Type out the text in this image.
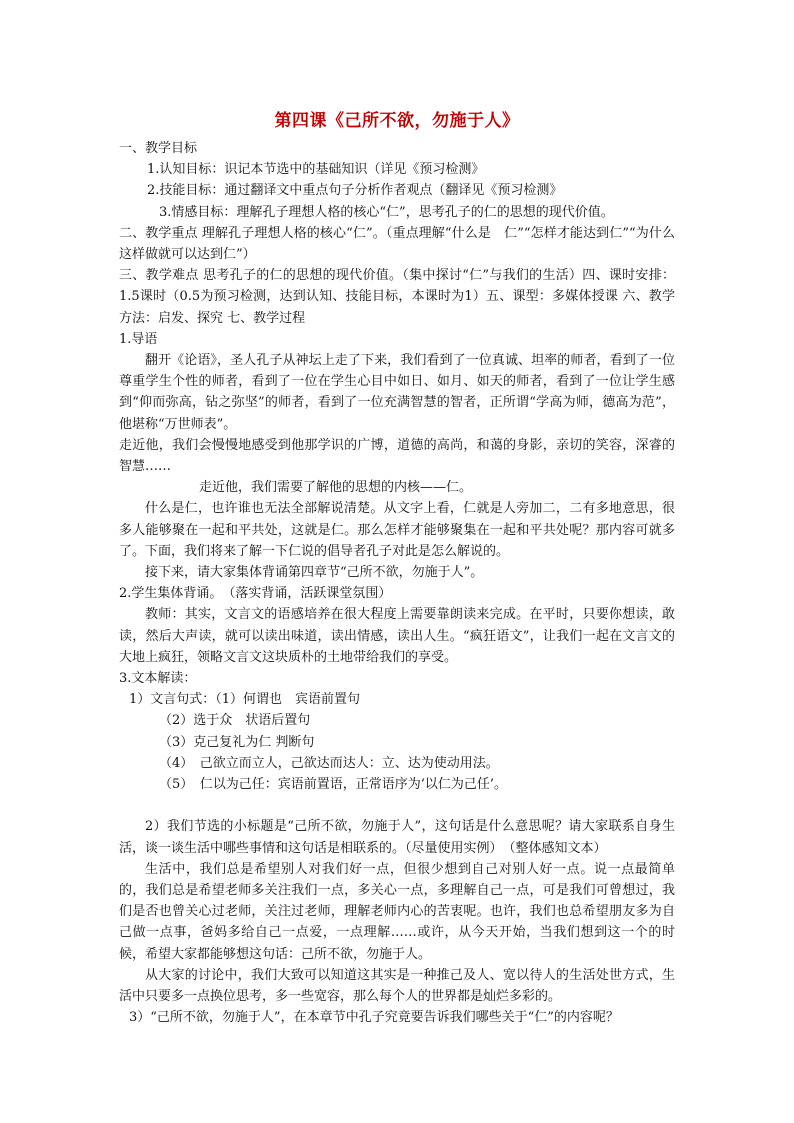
第四课《己所不欲，勿施于人》

一、教学目标

1.认知目标：识记本节选中的基础知识（详见《预习检测》

2.技能目标：通过翻译文中重点句子分析作者观点（翻译见《预习检测》

3.情感目标：理解孔子理想人格的核心“仁”，思考孔子的仁的思想的现代价值。

二、教学重点 理解孔子理想人格的核心“仁”。（重点理解“什么是　仁”“怎样才能达到仁”“为什么这样做就可以达到仁”）

三、教学难点 思考孔子的仁的思想的现代价值。（集中探讨“仁”与我们的生活）四、课时安排：1.5课时（0.5为预习检测，达到认知、技能目标，本课时为1）五、课型：多媒体授课 六、教学方法：启发、探究 七、教学过程

1.导语

翻开《论语》，圣人孔子从神坛上走了下来，我们看到了一位真诚、坦率的师者，看到了一位尊重学生个性的师者，看到了一位在学生心目中如日、如月、如天的师者，看到了一位让学生感到“仰而弥高，钻之弥坚”的师者，看到了一位充满智慧的智者，正所谓“学高为师，德高为范”，他堪称“万世师表”。

走近他，我们会慢慢地感受到他那学识的广博，道德的高尚，和蔼的身影，亲切的笑容，深睿的智慧……

走近他，我们需要了解他的思想的内核——仁。

什么是仁，也许谁也无法全部解说清楚。从文字上看，仁就是人旁加二，二有多地意思，很多人能够聚在一起和平共处，这就是仁。那么怎样才能够聚集在一起和平共处呢？那内容可就多了。下面，我们将来了解一下仁说的倡导者孔子对此是怎么解说的。

接下来，请大家集体背诵第四章节“己所不欲，勿施于人”。

2.学生集体背诵。　（落实背诵，活跃课堂氛围）

教师：其实，文言文的语感培养在很大程度上需要靠朗读来完成。在平时，只要你想读，敢读，然后大声读，就可以读出味道，读出情感，读出人生。“疯狂语文”，让我们一起在文言文的大地上疯狂，领略文言文这块质朴的土地带给我们的享受。

3.文本解读：

1）文言句式：（1）何谓也　宾语前置句

（2）选于众　状语后置句

（3）克己复礼为仁 判断句

（4）　己欲立而立人，己欲达而达人：立、达为使动用法。

（5）　仁以为己任：宾语前置语，正常语序为‘以仁为己任’。

2）我们节选的小标题是“己所不欲，勿施于人”，这句话是什么意思呢？请大家联系自身生活，谈一谈生活中哪些事情和这句话是相联系的。（尽量使用实例）　（整体感知文本）

生活中，我们总是希望别人对我们好一点，但很少想到自己对别人好一点。说一点最简单的，我们总是希望老师多关注我们一点，多关心一点，多理解自己一点，可是我们可曾想过，我们是否也曾关心过老师，关注过老师，理解老师内心的苦衷呢。也许，我们也总希望朋友多为自己做一点事，爸妈多给自己一点爱，一点理解……或许，从今天开始，当我们想到这一个的时候，希望大家都能够想这句话：己所不欲，勿施于人。

从大家的讨论中，我们大致可以知道这其实是一种推己及人、宽以待人的生活处世方式，生活中只要多一点换位思考，多一些宽容，那么每个人的世界都是灿烂多彩的。

3）“己所不欲，勿施于人”，在本章节中孔子究竟要告诉我们哪些关于“仁”的内容呢？
